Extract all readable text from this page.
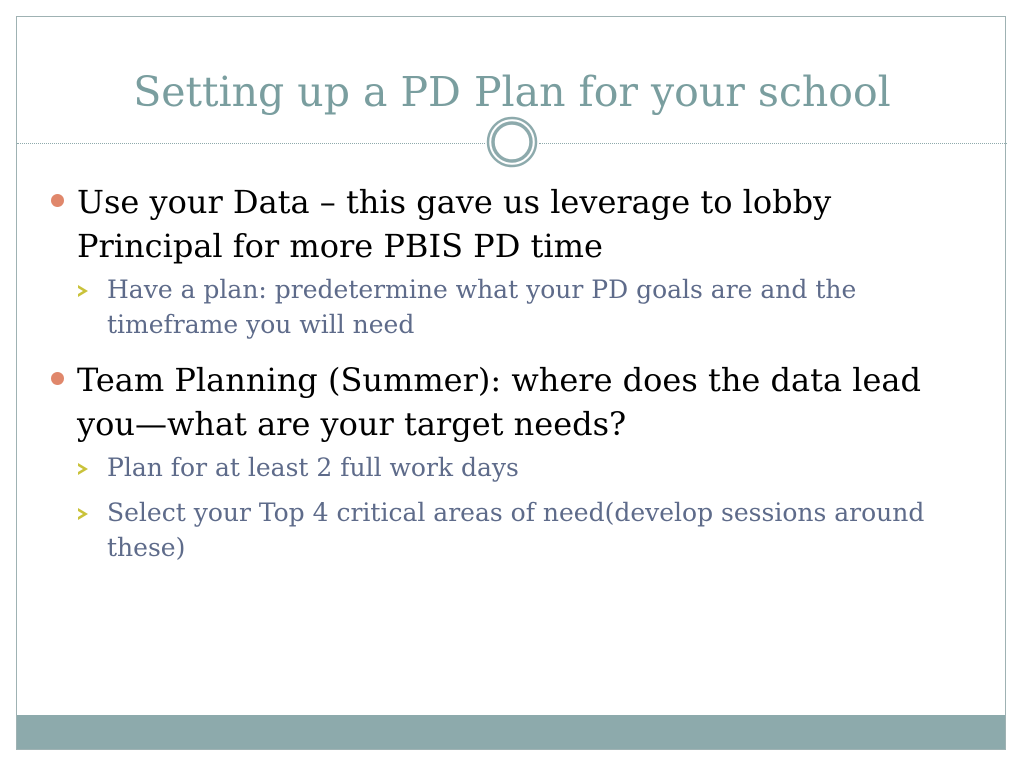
Setting up a PD Plan for your school
Use your Data – this gave us leverage to lobby Principal for more PBIS PD time
Have a plan: predetermine what your PD goals are and the timeframe you will need
Team Planning (Summer): where does the data lead you—what are your target needs?
Plan for at least 2 full work days
Select your Top 4 critical areas of need(develop sessions around these)
